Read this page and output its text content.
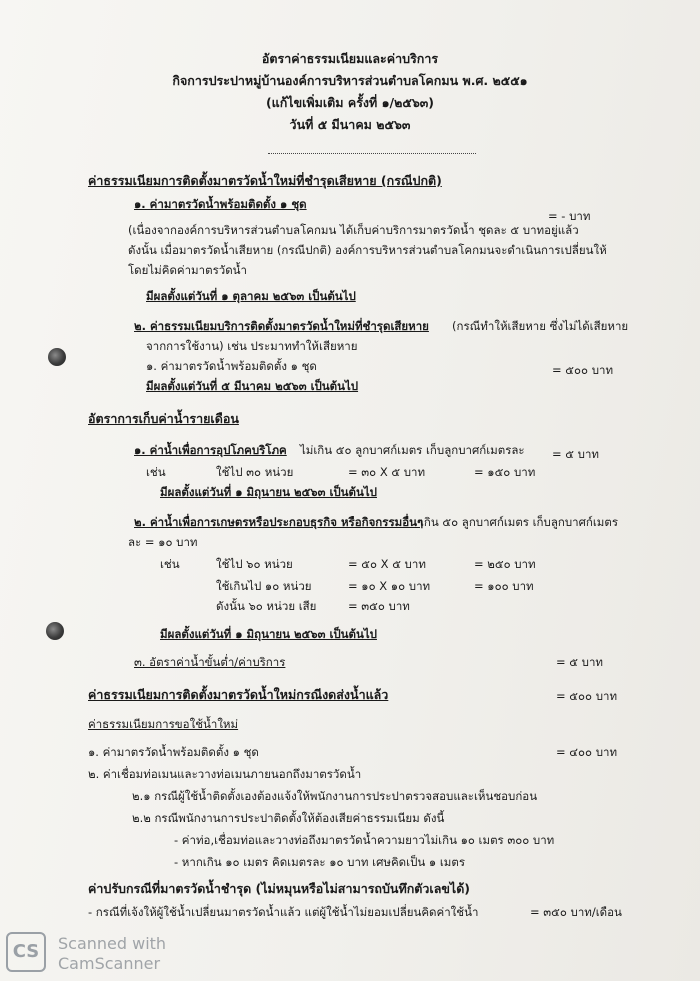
อัตราค่าธรรมเนียมและค่าบริการ
กิจการประปาหมู่บ้านองค์การบริหารส่วนตำบลโคกมน พ.ศ. ๒๕๕๑
(แก้ไขเพิ่มเติม ครั้งที่ ๑/๒๕๖๓)
วันที่ ๕ มีนาคม ๒๕๖๓
ค่าธรรมเนียมการติดตั้งมาตรวัดน้ำใหม่ที่ชำรุดเสียหาย (กรณีปกติ)
๑. ค่ามาตรวัดน้ำพร้อมติดตั้ง ๑ ชุด
= - บาท
(เนื่องจากองค์การบริหารส่วนตำบลโคกมน ได้เก็บค่าบริการมาตรวัดน้ำ ชุดละ ๕ บาทอยู่แล้ว
ดังนั้น เมื่อมาตรวัดน้ำเสียหาย (กรณีปกติ) องค์การบริหารส่วนตำบลโคกมนจะดำเนินการเปลี่ยนให้
โดยไม่คิดค่ามาตรวัดน้ำ
มีผลตั้งแต่วันที่ ๑ ตุลาคม ๒๕๖๓ เป็นต้นไป
๒. ค่าธรรมเนียมบริการติดตั้งมาตรวัดน้ำใหม่ที่ชำรุดเสียหาย (กรณีทำให้เสียหาย ซึ่งไม่ได้เสียหาย
จากการใช้งาน) เช่น ประมาททำให้เสียหาย
๑. ค่ามาตรวัดน้ำพร้อมติดตั้ง ๑ ชุด	= ๕๐๐ บาท
มีผลตั้งแต่วันที่ ๕ มีนาคม ๒๕๖๓ เป็นต้นไป
อัตราการเก็บค่าน้ำรายเดือน
๑. ค่าน้ำเพื่อการอุปโภคบริโภค ไม่เกิน ๕๐ ลูกบาศก์เมตร เก็บลูกบาศก์เมตรละ = ๕ บาท
เช่น	ใช้ไป ๓๐ หน่วย	= ๓๐ X ๕ บาท	= ๑๕๐ บาท
มีผลตั้งแต่วันที่ ๑ มิถุนายน ๒๕๖๓ เป็นต้นไป
๒. ค่าน้ำเพื่อการเกษตรหรือประกอบธุรกิจ หรือกิจกรรมอื่นๆ
เกิน ๕๐ ลูกบาศก์เมตร เก็บลูกบาศก์เมตร
ละ = ๑๐ บาท
เช่น	ใช้ไป ๖๐ หน่วย	= ๕๐ X ๕ บาท	= ๒๕๐ บาท
ใช้เกินไป ๑๐ หน่วย	= ๑๐ X ๑๐ บาท	= ๑๐๐ บาท
ดังนั้น ๖๐ หน่วย เสีย	= ๓๕๐ บาท
มีผลตั้งแต่วันที่ ๑ มิถุนายน ๒๕๖๓ เป็นต้นไป
๓. อัตราค่าน้ำขั้นต่ำ/ค่าบริการ	= ๕ บาท
ค่าธรรมเนียมการติดตั้งมาตรวัดน้ำใหม่กรณีงดส่งน้ำแล้ว	= ๕๐๐ บาท
ค่าธรรมเนียมการขอใช้น้ำใหม่
๑. ค่ามาตรวัดน้ำพร้อมติดตั้ง ๑ ชุด	= ๔๐๐ บาท
๒. ค่าเชื่อมท่อเมนและวางท่อเมนภายนอกถึงมาตรวัดน้ำ
๒.๑ กรณีผู้ใช้น้ำติดตั้งเองต้องแจ้งให้พนักงานการประปาตรวจสอบและเห็นชอบก่อน
๒.๒ กรณีพนักงานการประปาติดตั้งให้ต้องเสียค่าธรรมเนียม ดังนี้
- ค่าท่อ,เชื่อมท่อและวางท่อถึงมาตรวัดน้ำความยาวไม่เกิน ๑๐ เมตร ๓๐๐ บาท
- หากเกิน ๑๐ เมตร คิดเมตรละ ๑๐ บาท เศษคิดเป็น ๑ เมตร
ค่าปรับกรณีที่มาตรวัดน้ำชำรุด (ไม่หมุนหรือไม่สามารถบันทึกตัวเลขได้)
- กรณีที่เจ้งให้ผู้ใช้น้ำเปลี่ยนมาตรวัดน้ำแล้ว แต่ผู้ใช้น้ำไม่ยอมเปลี่ยนคิดค่าใช้น้ำ	= ๓๕๐ บาท/เดือน
CS	Scanned with
CamScanner
